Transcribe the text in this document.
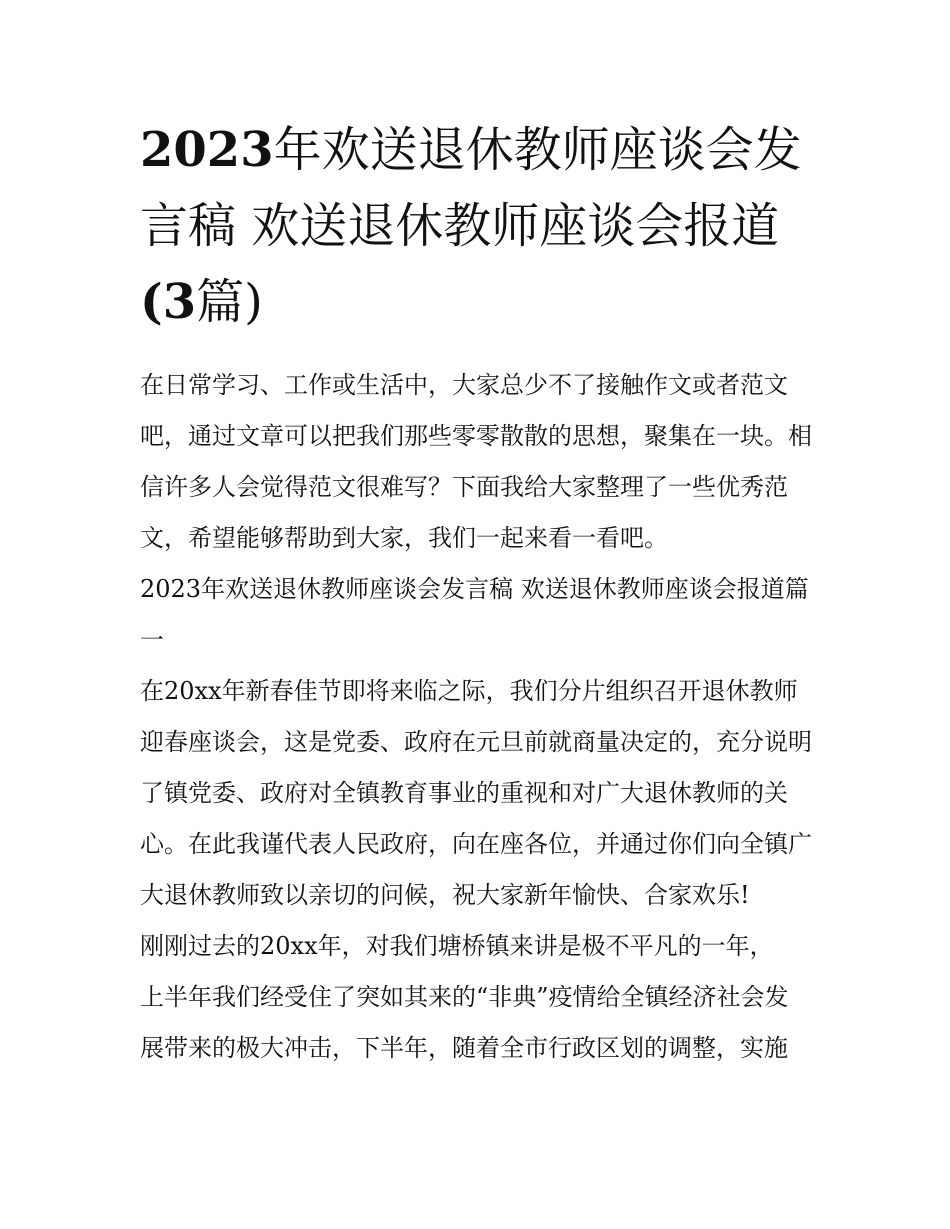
2023年欢送退休教师座谈会发言稿 欢送退休教师座谈会报道(3篇)

在日常学习、工作或生活中，大家总少不了接触作文或者范文吧，通过文章可以把我们那些零零散散的思想，聚集在一块。相信许多人会觉得范文很难写？下面我给大家整理了一些优秀范文，希望能够帮助到大家，我们一起来看一看吧。

2023年欢送退休教师座谈会发言稿 欢送退休教师座谈会报道篇一

在20xx年新春佳节即将来临之际，我们分片组织召开退休教师迎春座谈会，这是党委、政府在元旦前就商量决定的，充分说明了镇党委、政府对全镇教育事业的重视和对广大退休教师的关心。在此我谨代表人民政府，向在座各位，并通过你们向全镇广大退休教师致以亲切的问候，祝大家新年愉快、合家欢乐!

刚刚过去的20xx年，对我们塘桥镇来讲是极不平凡的一年，

上半年我们经受住了突如其来的“非典”疫情给全镇经济社会发展带来的极大冲击，下半年，随着全市行政区划的调整，实施
